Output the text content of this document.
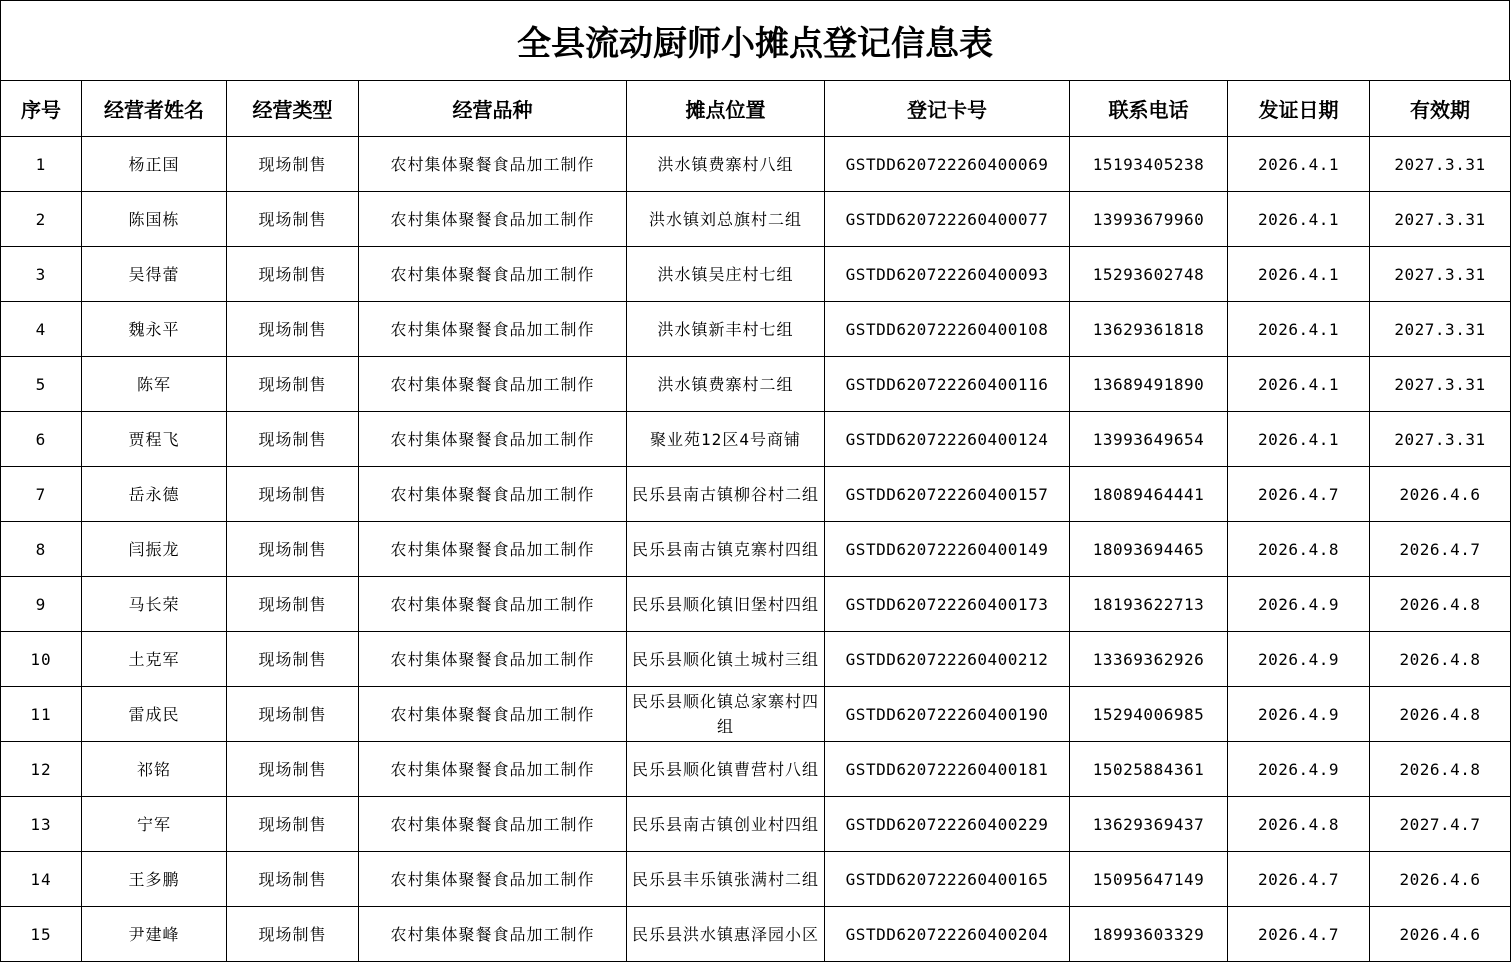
全县流动厨师小摊点登记信息表
序号	经营者姓名	经营类型	经营品种	摊点位置	登记卡号	联系电话	发证日期	有效期
1	杨正国	现场制售	农村集体聚餐食品加工制作	洪水镇费寨村八组	GSTDD620722260400069	15193405238	2026.4.1	2027.3.31
2	陈国栋	现场制售	农村集体聚餐食品加工制作	洪水镇刘总旗村二组	GSTDD620722260400077	13993679960	2026.4.1	2027.3.31
3	吴得蕾	现场制售	农村集体聚餐食品加工制作	洪水镇吴庄村七组	GSTDD620722260400093	15293602748	2026.4.1	2027.3.31
4	魏永平	现场制售	农村集体聚餐食品加工制作	洪水镇新丰村七组	GSTDD620722260400108	13629361818	2026.4.1	2027.3.31
5	陈军	现场制售	农村集体聚餐食品加工制作	洪水镇费寨村二组	GSTDD620722260400116	13689491890	2026.4.1	2027.3.31
6	贾程飞	现场制售	农村集体聚餐食品加工制作	聚业苑12区4号商铺	GSTDD620722260400124	13993649654	2026.4.1	2027.3.31
7	岳永德	现场制售	农村集体聚餐食品加工制作	民乐县南古镇柳谷村二组	GSTDD620722260400157	18089464441	2026.4.7	2026.4.6
8	闫振龙	现场制售	农村集体聚餐食品加工制作	民乐县南古镇克寨村四组	GSTDD620722260400149	18093694465	2026.4.8	2026.4.7
9	马长荣	现场制售	农村集体聚餐食品加工制作	民乐县顺化镇旧堡村四组	GSTDD620722260400173	18193622713	2026.4.9	2026.4.8
10	土克军	现场制售	农村集体聚餐食品加工制作	民乐县顺化镇土城村三组	GSTDD620722260400212	13369362926	2026.4.9	2026.4.8
11	雷成民	现场制售	农村集体聚餐食品加工制作	民乐县顺化镇总家寨村四组	GSTDD620722260400190	15294006985	2026.4.9	2026.4.8
12	祁铭	现场制售	农村集体聚餐食品加工制作	民乐县顺化镇曹营村八组	GSTDD620722260400181	15025884361	2026.4.9	2026.4.8
13	宁军	现场制售	农村集体聚餐食品加工制作	民乐县南古镇创业村四组	GSTDD620722260400229	13629369437	2026.4.8	2027.4.7
14	王多鹏	现场制售	农村集体聚餐食品加工制作	民乐县丰乐镇张满村二组	GSTDD620722260400165	15095647149	2026.4.7	2026.4.6
15	尹建峰	现场制售	农村集体聚餐食品加工制作	民乐县洪水镇惠泽园小区	GSTDD620722260400204	18993603329	2026.4.7	2026.4.6
